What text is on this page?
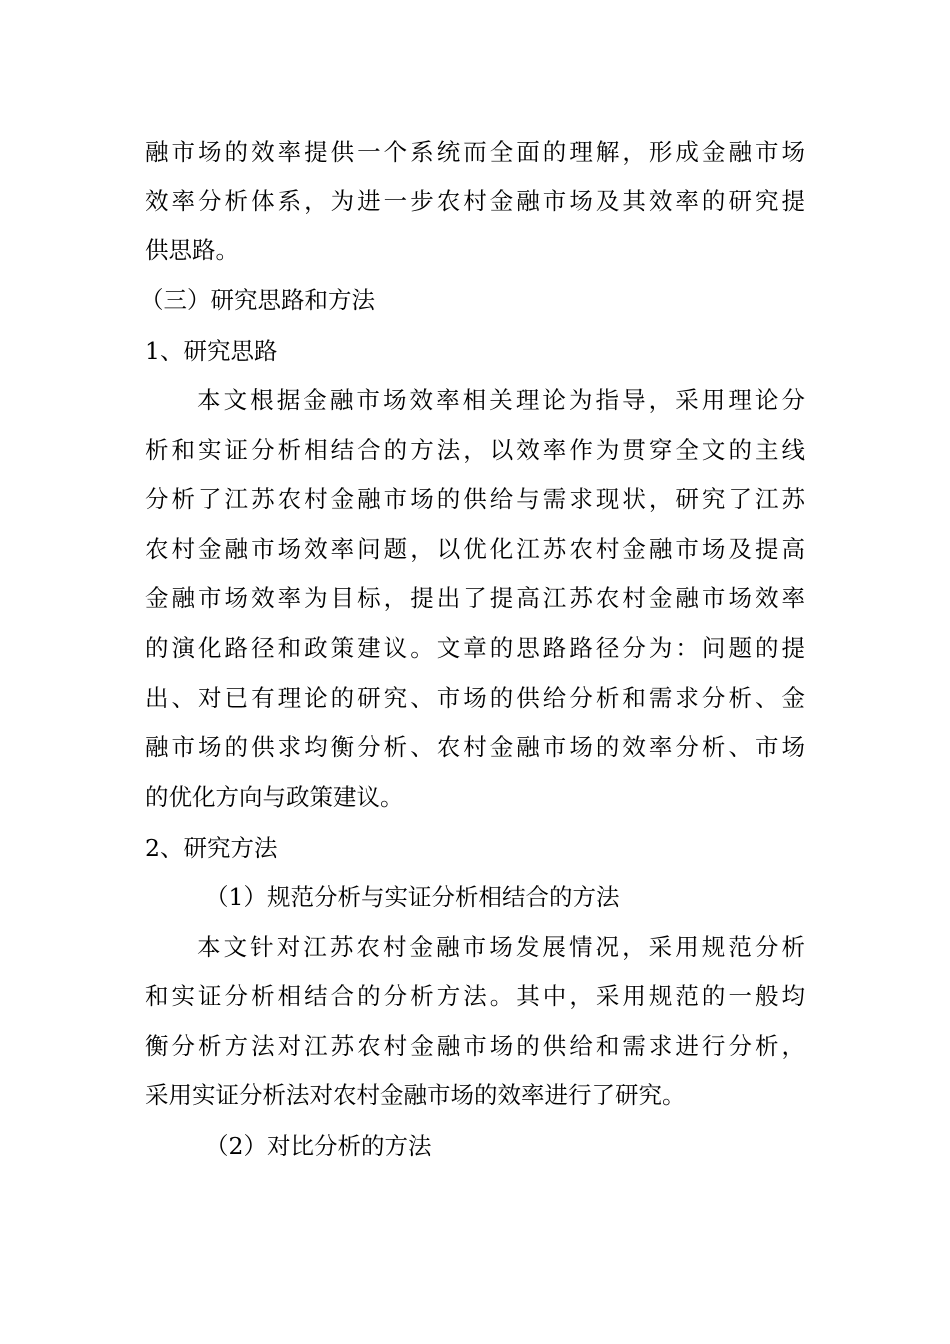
融市场的效率提供一个系统而全面的理解，形成金融市场
效率分析体系，为进一步农村金融市场及其效率的研究提
供思路。
（三）研究思路和方法
1、研究思路
本文根据金融市场效率相关理论为指导，采用理论分
析和实证分析相结合的方法，以效率作为贯穿全文的主线
分析了江苏农村金融市场的供给与需求现状，研究了江苏
农村金融市场效率问题，以优化江苏农村金融市场及提高
金融市场效率为目标，提出了提高江苏农村金融市场效率
的演化路径和政策建议。文章的思路路径分为：问题的提
出、对已有理论的研究、市场的供给分析和需求分析、金
融市场的供求均衡分析、农村金融市场的效率分析、市场
的优化方向与政策建议。
2、研究方法
（1）规范分析与实证分析相结合的方法
本文针对江苏农村金融市场发展情况，采用规范分析
和实证分析相结合的分析方法。其中，采用规范的一般均
衡分析方法对江苏农村金融市场的供给和需求进行分析，
采用实证分析法对农村金融市场的效率进行了研究。
（2）对比分析的方法
